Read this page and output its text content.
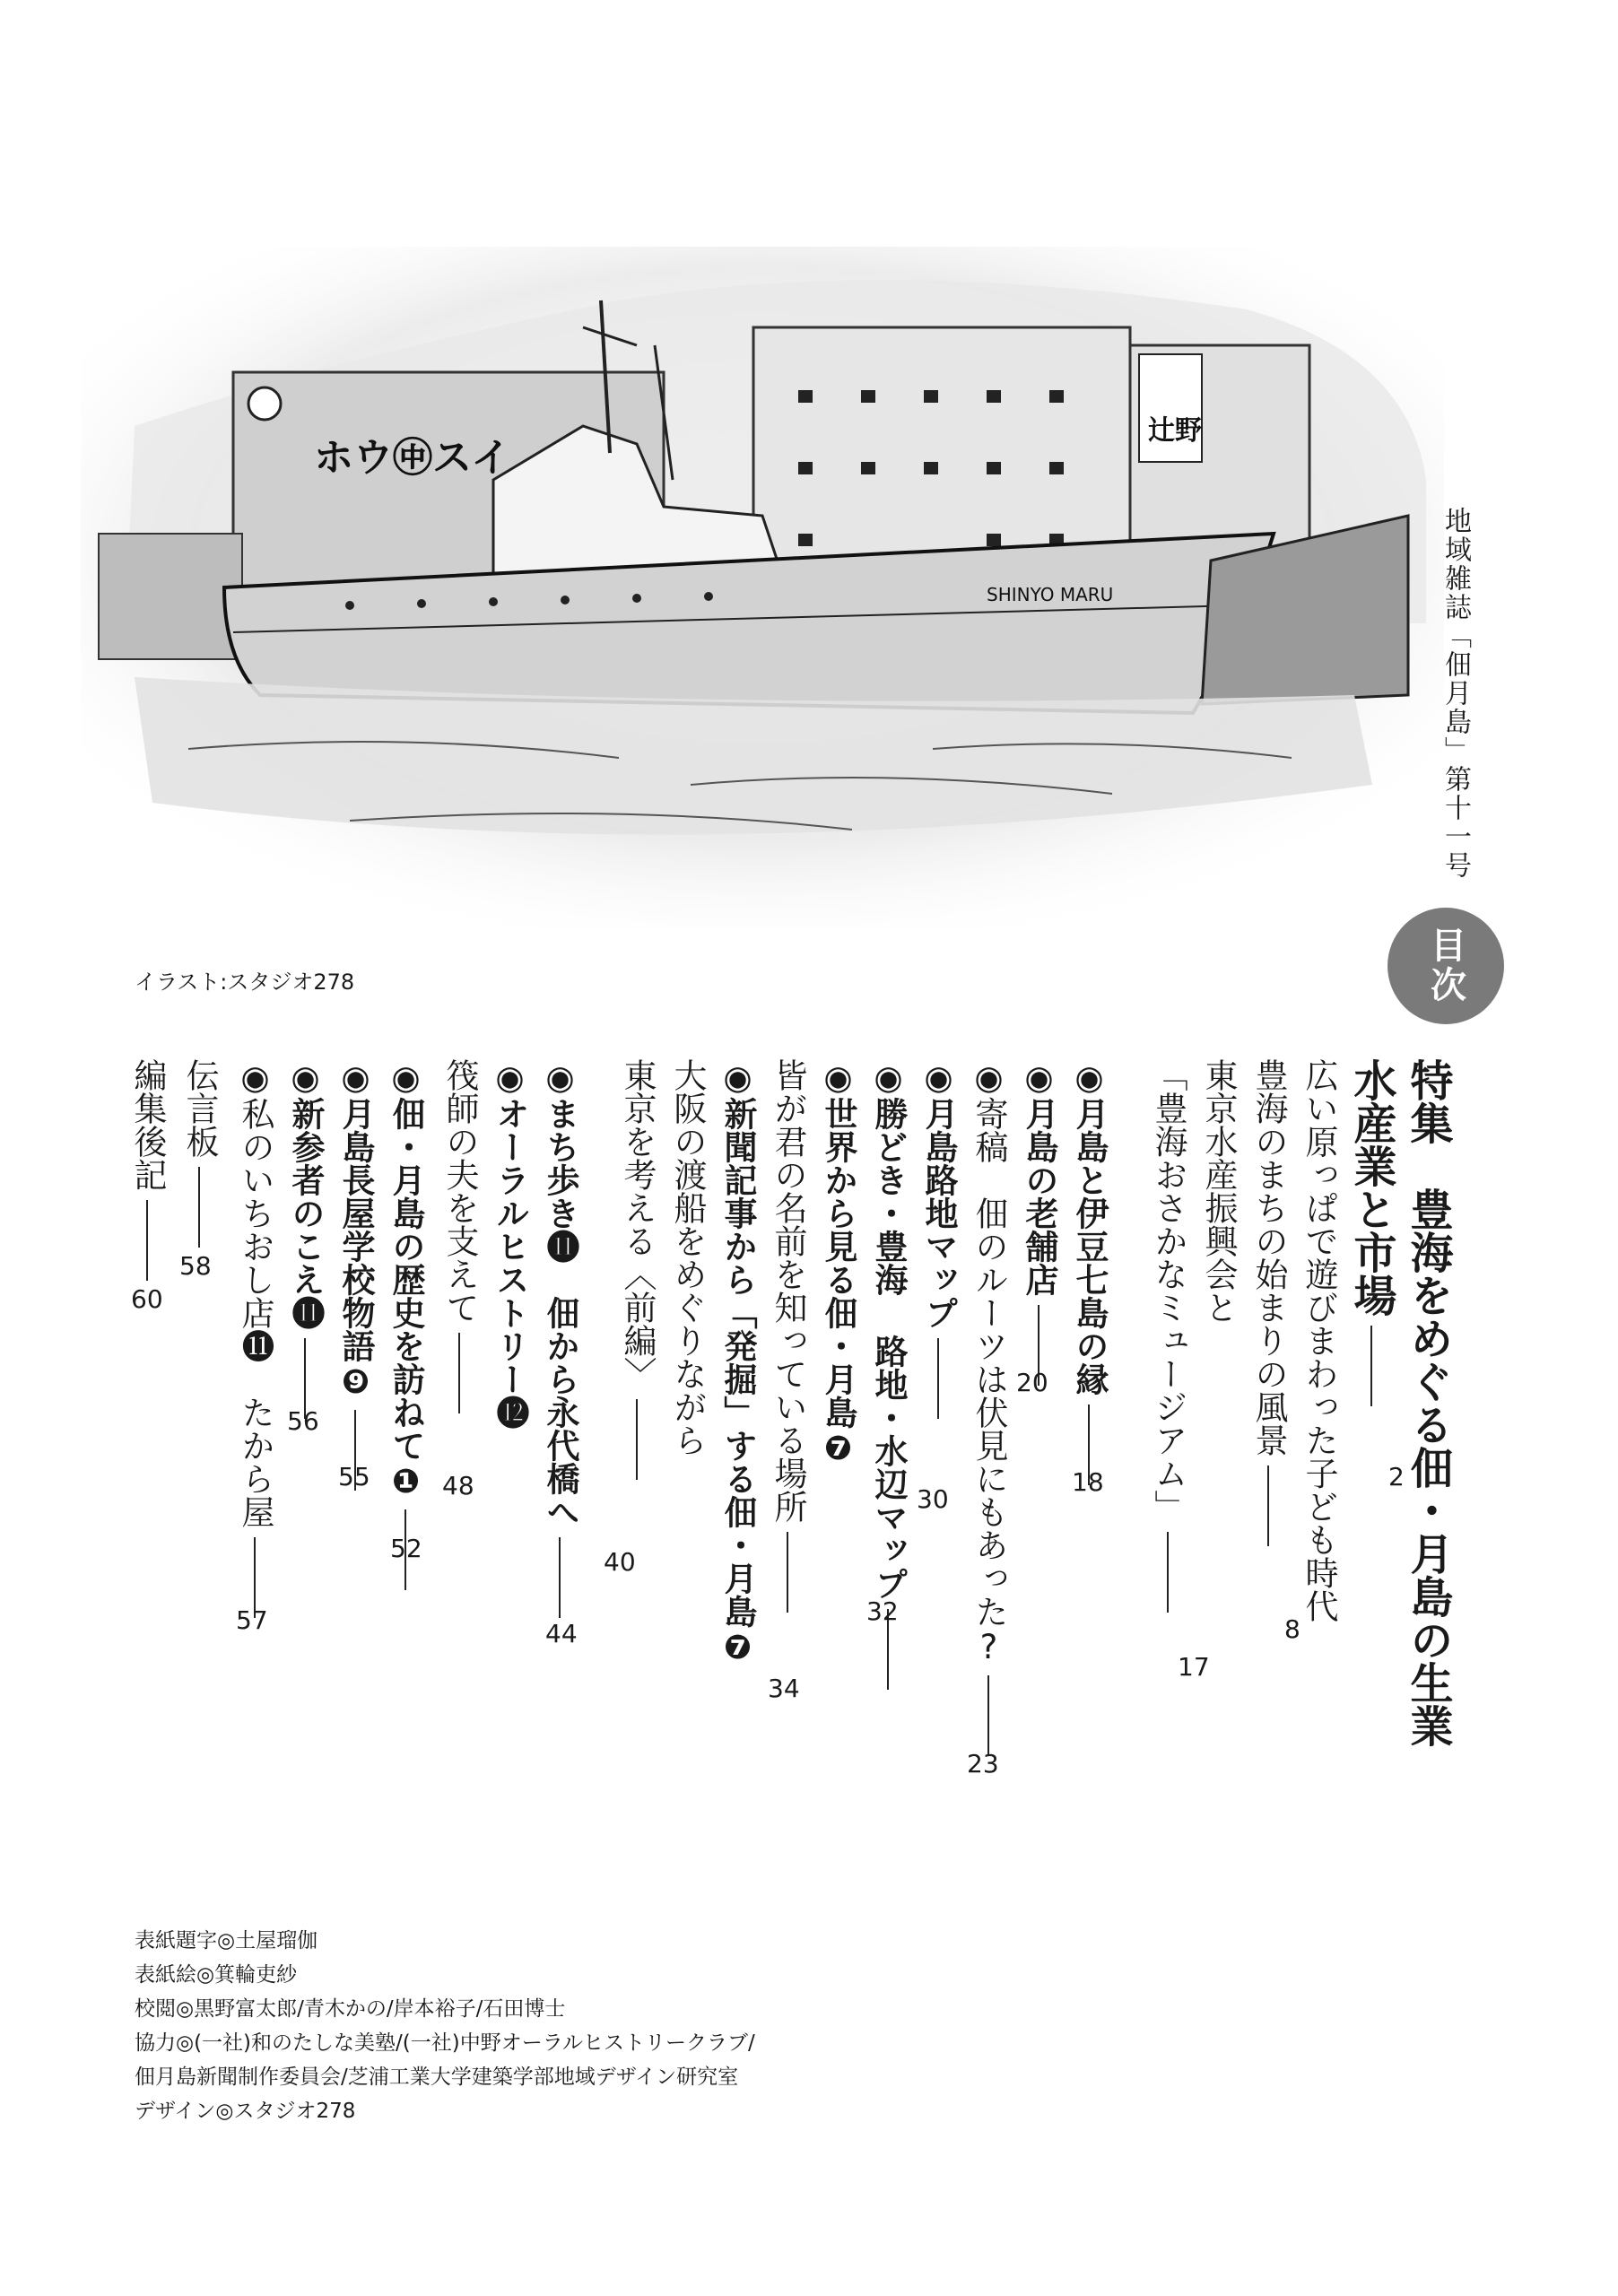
ホウ㊥スイ
辻野
SHINYO MARU	地域雑誌「佃月島」第十一号
目次
イラスト:スタジオ278
特集　豊海をめぐる佃・月島の生業
水産業と市場
2
広い原っぱで遊びまわった子ども時代
豊海のまちの始まりの風景
8
東京水産振興会と
「豊海おさかなミュージアム」
17
◉月島と伊豆七島の縁
18
◉月島の老舗店
20
◉寄稿　佃のルーツは伏見にもあった?
23
◉月島路地マップ
30
◉勝どき・豊海 路地・水辺マップ
32
◉世界から見る佃・月島❼
皆が君の名前を知っている場所
34
◉新聞記事から「発掘」する佃・月島❼
大阪の渡船をめぐりながら
東京を考える〈前編〉
40
◉まち歩き⓫　佃から永代橋へ
44
◉オーラルヒストリー⓬
筏師の夫を支えて
48
◉佃・月島の歴史を訪ねて❶
52
◉月島長屋学校物語❾
55
◉新参者のこえ⓫
56
◉私のいちおし店⓫　たから屋
57
伝言板
58
編集後記
60
表紙題字◎土屋瑠伽
表紙絵◎箕輪吏紗
校閲◎黒野富太郎/青木かの/岸本裕子/石田博士
協力◎(一社)和のたしな美塾/(一社)中野オーラルヒストリークラブ/
佃月島新聞制作委員会/芝浦工業大学建築学部地域デザイン研究室
デザイン◎スタジオ278
